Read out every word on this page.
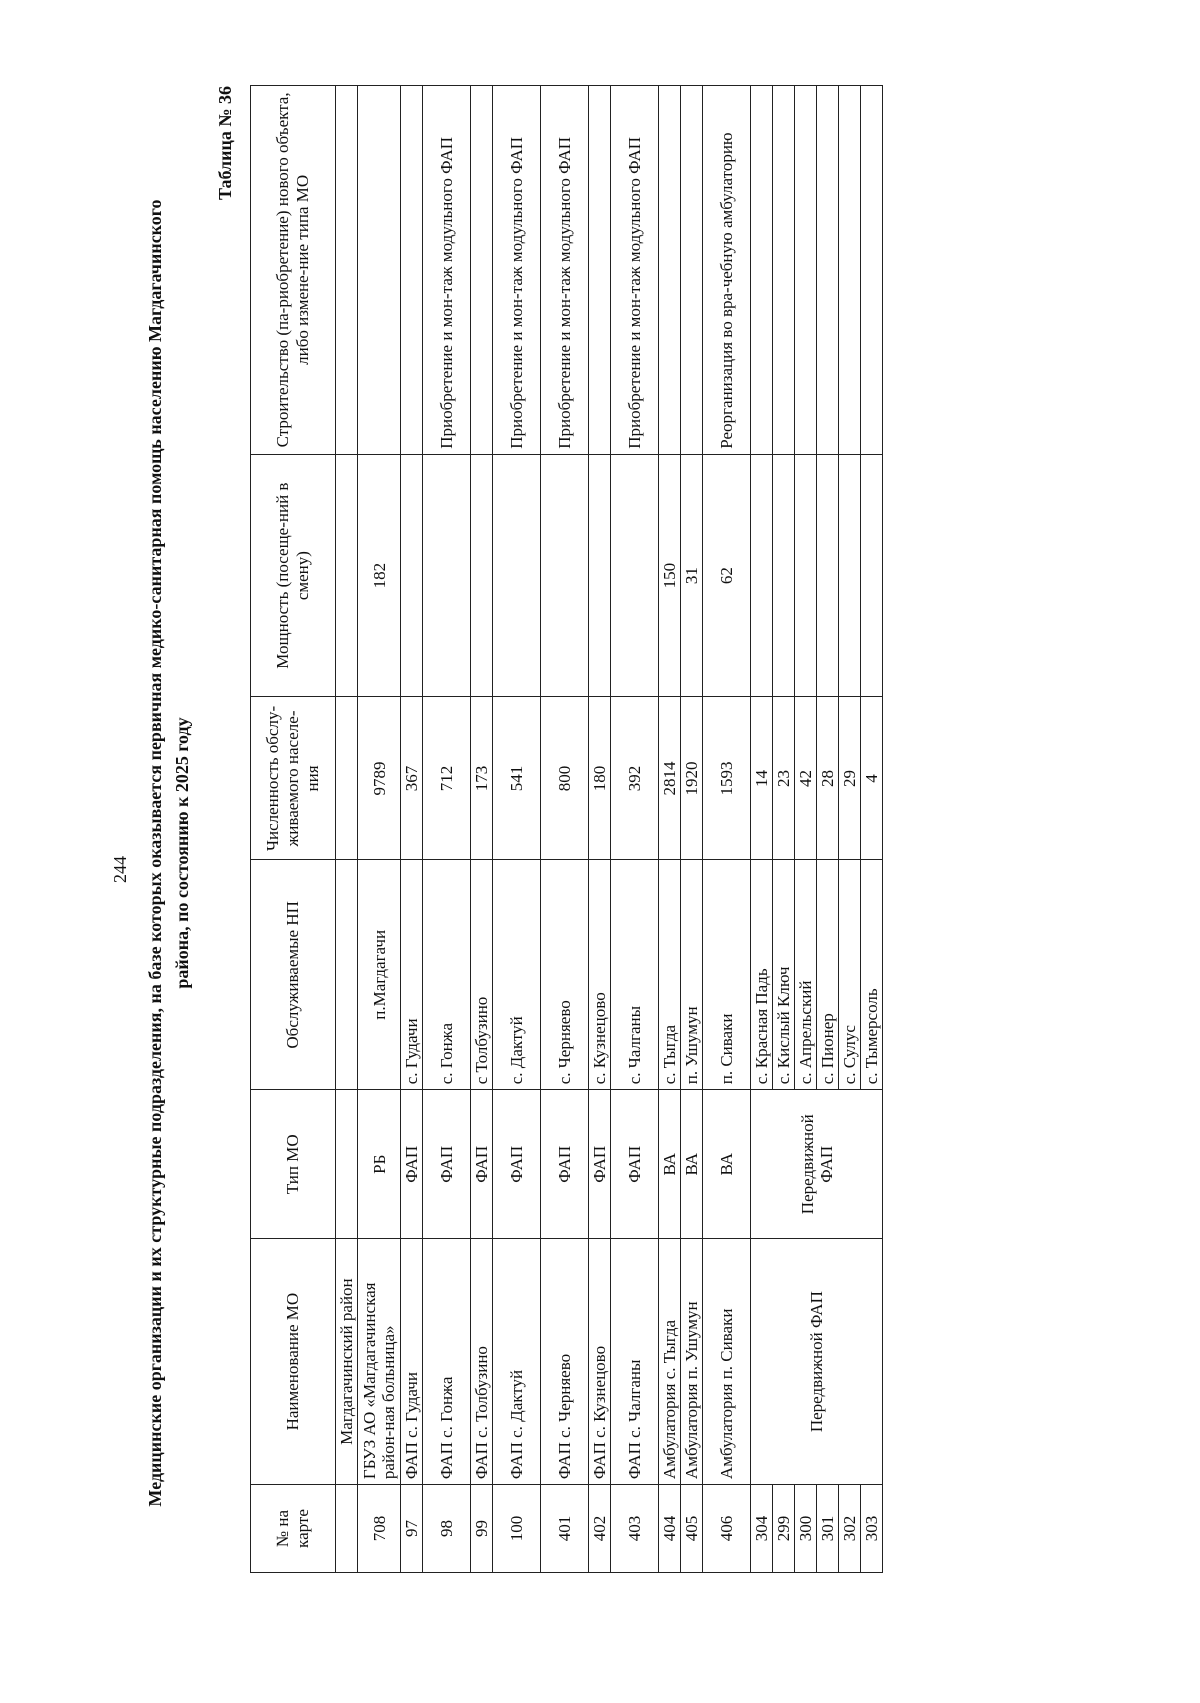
244 Медицинские организации и их структурные подразделения, на базе которых оказывается первичная медико-санитарная помощь населению Магдагачинского района, по состоянию к 2025 году
Таблица № 36
№ на карте	Наименование МО	Тип МО	Обслуживаемые НП	Численность обслу-живаемого населе-ния	Мощность (посеще-ний в смену)	Строительство (па-риобретение) нового объекта, либо измене-ние типа МО
	Магдагачинский район					
708	ГБУЗ АО «Магдагачинская район-ная больница»	РБ	п.Магдагачи	9789	182	
97	ФАП с. Гудачи	ФАП	с. Гудачи	367		
98	ФАП с. Гонжа	ФАП	с. Гонжа	712		Приобретение и мон-таж модульного ФАП
99	ФАП с. Толбузино	ФАП	с Толбузино	173		
100	ФАП с. Дактуй	ФАП	с. Дактуй	541		Приобретение и мон-таж модульного ФАП
401	ФАП с. Черняево	ФАП	с. Черняево	800		Приобретение и мон-таж модульного ФАП
402	ФАП с. Кузнецово	ФАП	с. Кузнецово	180		
403	ФАП с. Чалганы	ФАП	с. Чалганы	392		Приобретение и мон-таж модульного ФАП
404	Амбулатория с. Тыгда	ВА	с. Тыгда	2814	150	
405	Амбулатория п. Ушумун	ВА	п. Ушумун	1920	31	
406	Амбулатория п. Сиваки	ВА	п. Сиваки	1593	62	Реорганизация во вра-чебную амбулаторию
304	Передвижной ФАП	Передвижной ФАП	с. Красная Падь	14		
299			с. Кислый Ключ	23		
300			с. Апрельский	42		
301			с. Пионер	28		
302			с. Сулус	29		
303			с. Тымерсоль	4		
